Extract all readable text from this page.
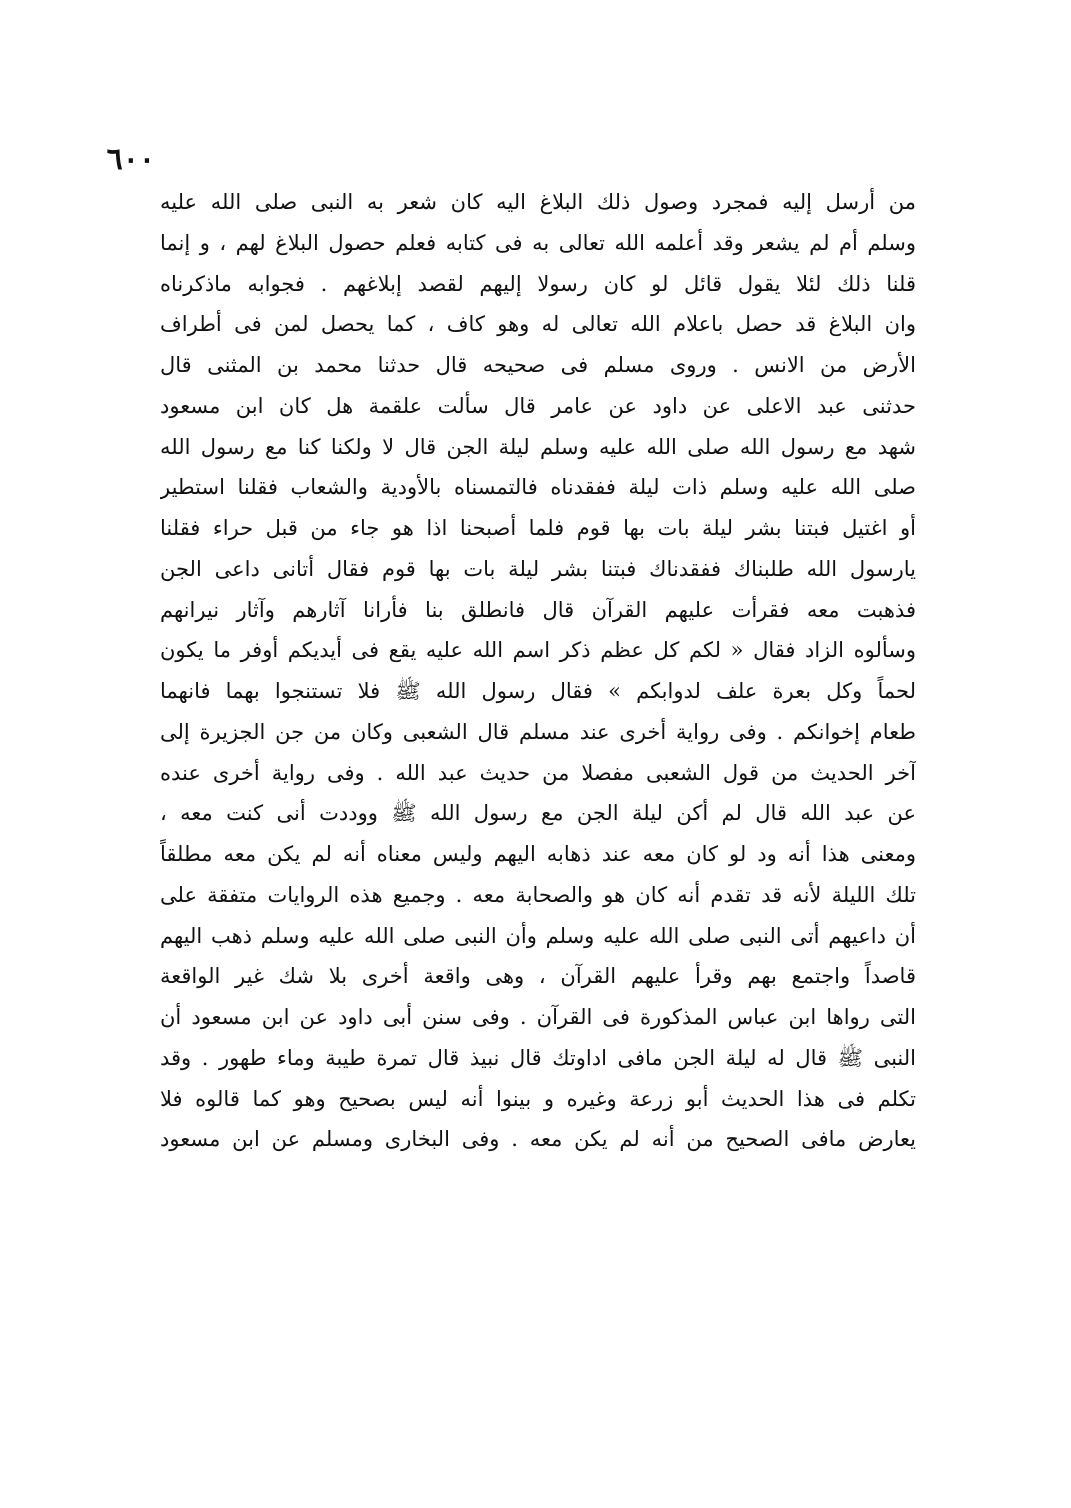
٦٠٠
من أرسل إليه فمجرد وصول ذلك البلاغ اليه كان شعر به النبى صلى الله عليه
وسلم أم لم يشعر وقد أعلمه الله تعالى به فى كتابه فعلم حصول البلاغ لهم ، و إنما
قلنا ذلك لئلا يقول قائل لو كان رسولا إليهم لقصد إبلاغهم . فجوابه ماذكرناه
وان البلاغ قد حصل باعلام الله تعالى له وهو كاف ، كما يحصل لمن فى أطراف
الأرض من الانس . وروى مسلم فى صحيحه قال حدثنا محمد بن المثنى قال
حدثنى عبد الاعلى عن داود عن عامر قال سألت علقمة هل كان ابن مسعود
شهد مع رسول الله صلى الله عليه وسلم ليلة الجن قال لا ولكنا كنا مع رسول الله
صلى الله عليه وسلم ذات ليلة ففقدناه فالتمسناه بالأودية والشعاب فقلنا استطير
أو اغتيل فبتنا بشر ليلة بات بها قوم فلما أصبحنا اذا هو جاء من قبل حراء فقلنا
يارسول الله طلبناك ففقدناك فبتنا بشر ليلة بات بها قوم فقال أتانى داعى الجن
فذهبت معه فقرأت عليهم القرآن قال فانطلق بنا فأرانا آثارهم وآثار نيرانهم
وسألوه الزاد فقال « لكم كل عظم ذكر اسم الله عليه يقع فى أيديكم أوفر ما يكون
لحماً وكل بعرة علف لدوابكم » فقال رسول الله ﷺ فلا تستنجوا بهما فانهما
طعام إخوانكم . وفى رواية أخرى عند مسلم قال الشعبى وكان من جن الجزيرة إلى
آخر الحديث من قول الشعبى مفصلا من حديث عبد الله . وفى رواية أخرى عنده
عن عبد الله قال لم أكن ليلة الجن مع رسول الله ﷺ ووددت أنى كنت معه ،
ومعنى هذا أنه ود لو كان معه عند ذهابه اليهم وليس معناه أنه لم يكن معه مطلقاً
تلك الليلة لأنه قد تقدم أنه كان هو والصحابة معه . وجميع هذه الروايات متفقة على
أن داعيهم أتى النبى صلى الله عليه وسلم وأن النبى صلى الله عليه وسلم ذهب اليهم
قاصداً واجتمع بهم وقرأ عليهم القرآن ، وهى واقعة أخرى بلا شك غير الواقعة
التى رواها ابن عباس المذكورة فى القرآن . وفى سنن أبى داود عن ابن مسعود أن
النبى ﷺ قال له ليلة الجن مافى اداوتك قال نبيذ قال تمرة طيبة وماء طهور . وقد
تكلم فى هذا الحديث أبو زرعة وغيره و بينوا أنه ليس بصحيح وهو كما قالوه فلا
يعارض مافى الصحيح من أنه لم يكن معه . وفى البخارى ومسلم عن ابن مسعود
